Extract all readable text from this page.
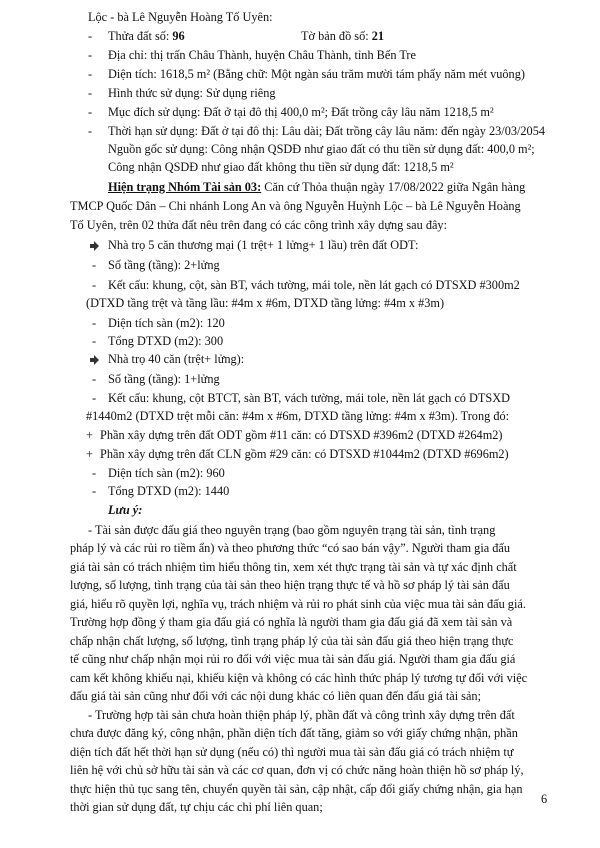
Lộc - bà Lê Nguyễn Hoàng Tố Uyên:
- Thửa đất số: 96	Tờ bản đồ số: 21
- Địa chỉ: thị trấn Châu Thành, huyện Châu Thành, tỉnh Bến Tre
- Diện tích: 1618,5 m² (Bằng chữ: Một ngàn sáu trăm mười tám phẩy năm mét vuông)
- Hình thức sử dụng: Sử dụng riêng
- Mục đích sử dụng: Đất ở tại đô thị 400,0 m²; Đất trồng cây lâu năm 1218,5 m²
- Thời hạn sử dụng: Đất ở tại đô thị: Lâu dài; Đất trồng cây lâu năm: đến ngày 23/03/2054
Nguồn gốc sử dụng: Công nhận QSDĐ như giao đất có thu tiền sử dụng đất: 400,0 m²;
Công nhận QSDĐ như giao đất không thu tiền sử dụng đất: 1218,5 m²
Hiện trạng Nhóm Tài sản 03: Căn cứ Thỏa thuận ngày 17/08/2022 giữa Ngân hàng
TMCP Quốc Dân – Chi nhánh Long An và ông Nguyễn Huỳnh Lộc – bà Lê Nguyễn Hoàng
Tố Uyên, trên 02 thửa đất nêu trên đang có các công trình xây dựng sau đây:
Nhà trọ 5 căn thương mại (1 trệt+ 1 lửng+ 1 lầu) trên đất ODT:
- Số tầng (tầng): 2+lửng
- Kết cấu: khung, cột, sàn BT, vách tường, mái tole, nền lát gạch có DTSXD #300m2
(DTXD tầng trệt và tầng lầu: #4m x #6m, DTXD tầng lửng: #4m x #3m)
- Diện tích sàn (m2): 120
- Tổng DTXD (m2): 300
Nhà trọ 40 căn (trệt+ lửng):
- Số tầng (tầng): 1+lửng
- Kết cấu: khung, cột BTCT, sàn BT, vách tường, mái tole, nền lát gạch có DTSXD
#1440m2 (DTXD trệt mỗi căn: #4m x #6m, DTXD tầng lửng: #4m x #3m). Trong đó:
+ Phần xây dựng trên đất ODT gồm #11 căn: có DTSXD #396m2 (DTXD #264m2)
+ Phần xây dựng trên đất CLN gồm #29 căn: có DTSXD #1044m2 (DTXD #696m2)
- Diện tích sàn (m2): 960
- Tổng DTXD (m2): 1440
Lưu ý:
- Tài sản được đấu giá theo nguyên trạng (bao gồm nguyên trạng tài sản, tình trạng
pháp lý và các rủi ro tiềm ẩn) và theo phương thức “có sao bán vậy”. Người tham gia đấu
giá tài sản có trách nhiệm tìm hiểu thông tin, xem xét thực trạng tài sản và tự xác định chất
lượng, số lượng, tình trạng của tài sản theo hiện trạng thực tế và hồ sơ pháp lý tài sản đấu
giá, hiểu rõ quyền lợi, nghĩa vụ, trách nhiệm và rủi ro phát sinh của việc mua tài sản đấu giá.
Trường hợp đồng ý tham gia đấu giá có nghĩa là người tham gia đấu giá đã xem tài sản và
chấp nhận chất lượng, số lượng, tình trạng pháp lý của tài sản đấu giá theo hiện trạng thực
tế cũng như chấp nhận mọi rủi ro đối với việc mua tài sản đấu giá. Người tham gia đấu giá
cam kết không khiếu nại, khiếu kiện và không có các hình thức pháp lý tương tự đối với việc
đấu giá tài sản cũng như đối với các nội dung khác có liên quan đến đấu giá tài sản;
- Trường hợp tài sản chưa hoàn thiện pháp lý, phần đất và công trình xây dựng trên đất
chưa được đăng ký, công nhận, phần diện tích đất tăng, giảm so với giấy chứng nhận, phần
diện tích đất hết thời hạn sử dụng (nếu có) thì người mua tài sản đấu giá có trách nhiệm tự
liên hệ với chủ sở hữu tài sản và các cơ quan, đơn vị có chức năng hoàn thiện hồ sơ pháp lý,
thực hiện thủ tục sang tên, chuyển quyền tài sản, cập nhật, cấp đổi giấy chứng nhận, gia hạn
thời gian sử dụng đất, tự chịu các chi phí liên quan;
6
